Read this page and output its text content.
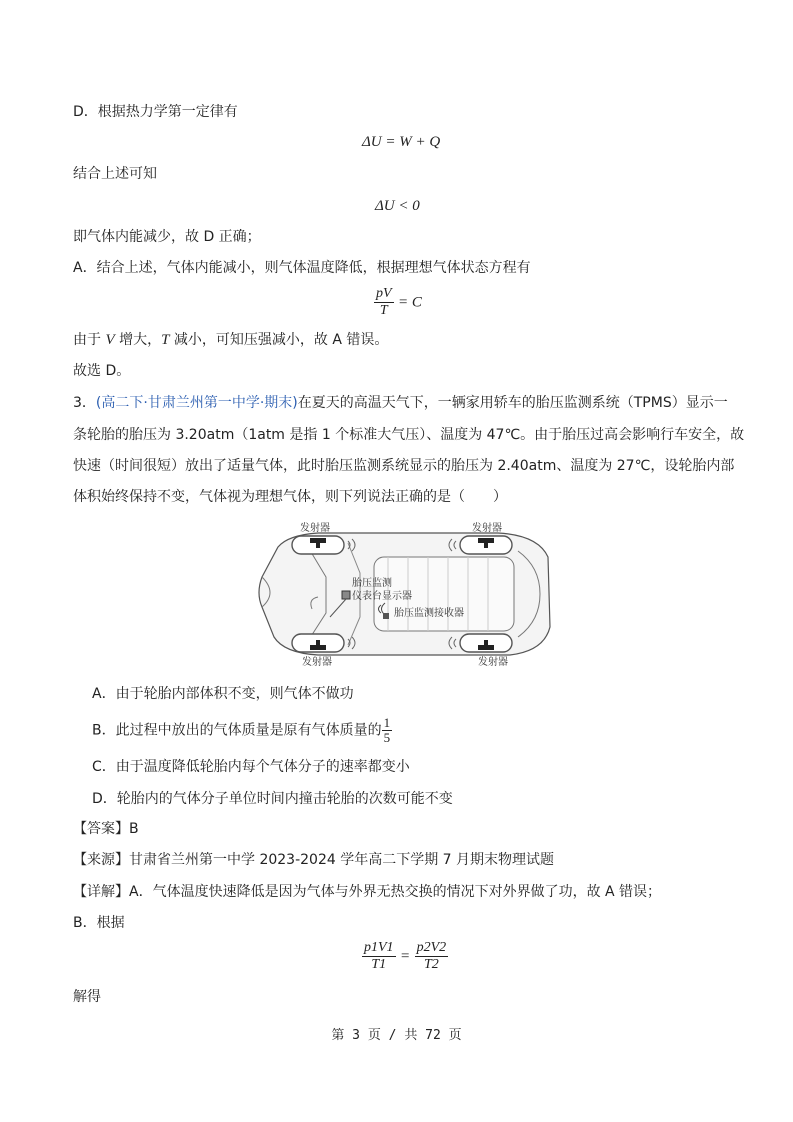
D．根据热力学第一定律有
ΔU = W + Q
结合上述可知
ΔU < 0
即气体内能减少，故 D 正确；
A．结合上述，气体内能减小，则气体温度降低，根据理想气体状态方程有
$\frac{pV}{T} = C$
由于 V 增大，T 减小，可知压强减小，故 A 错误。
故选 D。
3．(高二下·甘肃兰州第一中学·期末)在夏天的高温天气下，一辆家用轿车的胎压监测系统（TPMS）显示一
条轮胎的胎压为 3.20atm（1atm 是指 1 个标准大气压）、温度为 47℃。由于胎压过高会影响行车安全，故
快速（时间很短）放出了适量气体，此时胎压监测系统显示的胎压为 2.40atm、温度为 27℃，设轮胎内部
体积始终保持不变，气体视为理想气体，则下列说法正确的是（　　）
发射器	发射器
发射器	发射器
胎压监测
仪表台显示器
胎压监测接收器
A．由于轮胎内部体积不变，则气体不做功
B．此过程中放出的气体质量是原有气体质量的 $\frac{1}{5}$
C．由于温度降低轮胎内每个气体分子的速率都变小
D．轮胎内的气体分子单位时间内撞击轮胎的次数可能不变
【答案】B
【来源】甘肃省兰州第一中学 2023-2024 学年高二下学期 7 月期末物理试题
【详解】A．气体温度快速降低是因为气体与外界无热交换的情况下对外界做了功，故 A 错误；
B．根据
$\frac{p1V1}{T1} = \frac{p2V2}{T2}$
解得
第 3 页 / 共 72 页
